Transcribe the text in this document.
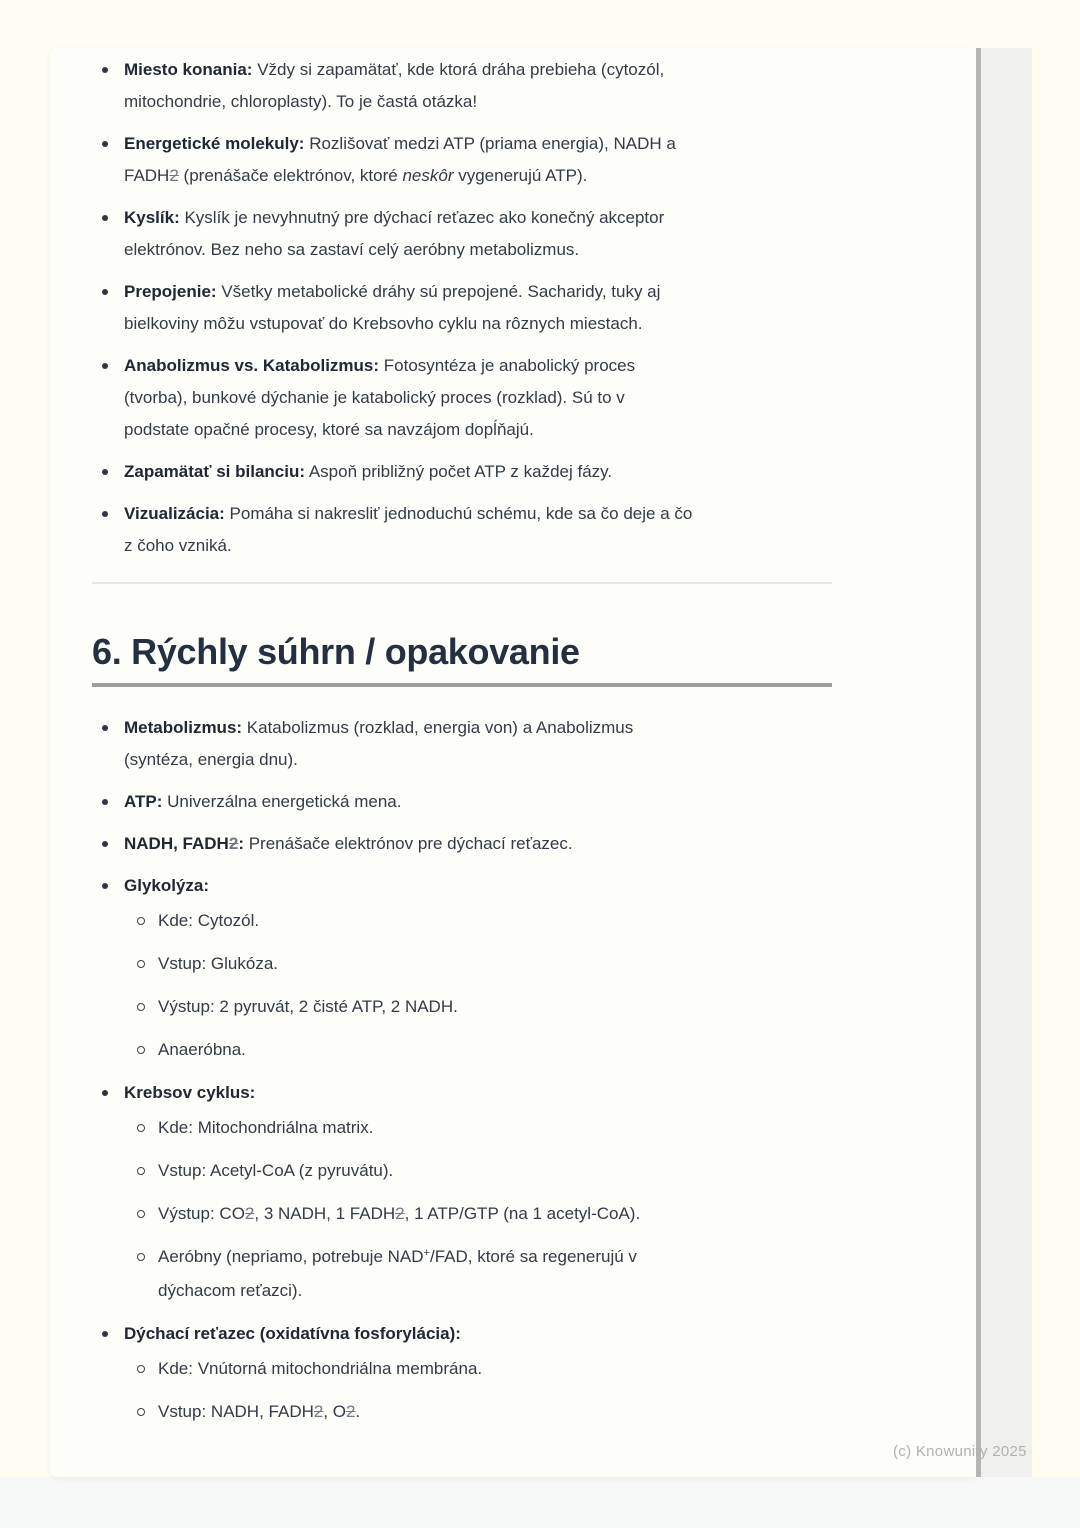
Miesto konania: Vždy si zapamätať, kde ktorá dráha prebieha (cytozól,
mitochondrie, chloroplasty). To je častá otázka!
Energetické molekuly: Rozlišovať medzi ATP (priama energia), NADH a
FADH2 (prenášače elektrónov, ktoré neskôr vygenerujú ATP).
Kyslík: Kyslík je nevyhnutný pre dýchací reťazec ako konečný akceptor
elektrónov. Bez neho sa zastaví celý aeróbny metabolizmus.
Prepojenie: Všetky metabolické dráhy sú prepojené. Sacharidy, tuky aj
bielkoviny môžu vstupovať do Krebsovho cyklu na rôznych miestach.
Anabolizmus vs. Katabolizmus: Fotosyntéza je anabolický proces
(tvorba), bunkové dýchanie je katabolický proces (rozklad). Sú to v
podstate opačné procesy, ktoré sa navzájom dopĺňajú.
Zapamätať si bilanciu: Aspoň približný počet ATP z každej fázy.
Vizualizácia: Pomáha si nakresliť jednoduchú schému, kde sa čo deje a čo
z čoho vzniká.
6. Rýchly súhrn / opakovanie
Metabolizmus: Katabolizmus (rozklad, energia von) a Anabolizmus
(syntéza, energia dnu).
ATP: Univerzálna energetická mena.
NADH, FADH2: Prenášače elektrónov pre dýchací reťazec.
Glykolýza:
Kde: Cytozól.
Vstup: Glukóza.
Výstup: 2 pyruvát, 2 čisté ATP, 2 NADH.
Anaeróbna.
Krebsov cyklus:
Kde: Mitochondriálna matrix.
Vstup: Acetyl-CoA (z pyruvátu).
Výstup: CO2, 3 NADH, 1 FADH2, 1 ATP/GTP (na 1 acetyl-CoA).
Aeróbny (nepriamo, potrebuje NAD+/FAD, ktoré sa regenerujú v
dýchacom reťazci).
Dýchací reťazec (oxidatívna fosforylácia):
Kde: Vnútorná mitochondriálna membrána.
Vstup: NADH, FADH2, O2.
(c) Knowunity 2025
